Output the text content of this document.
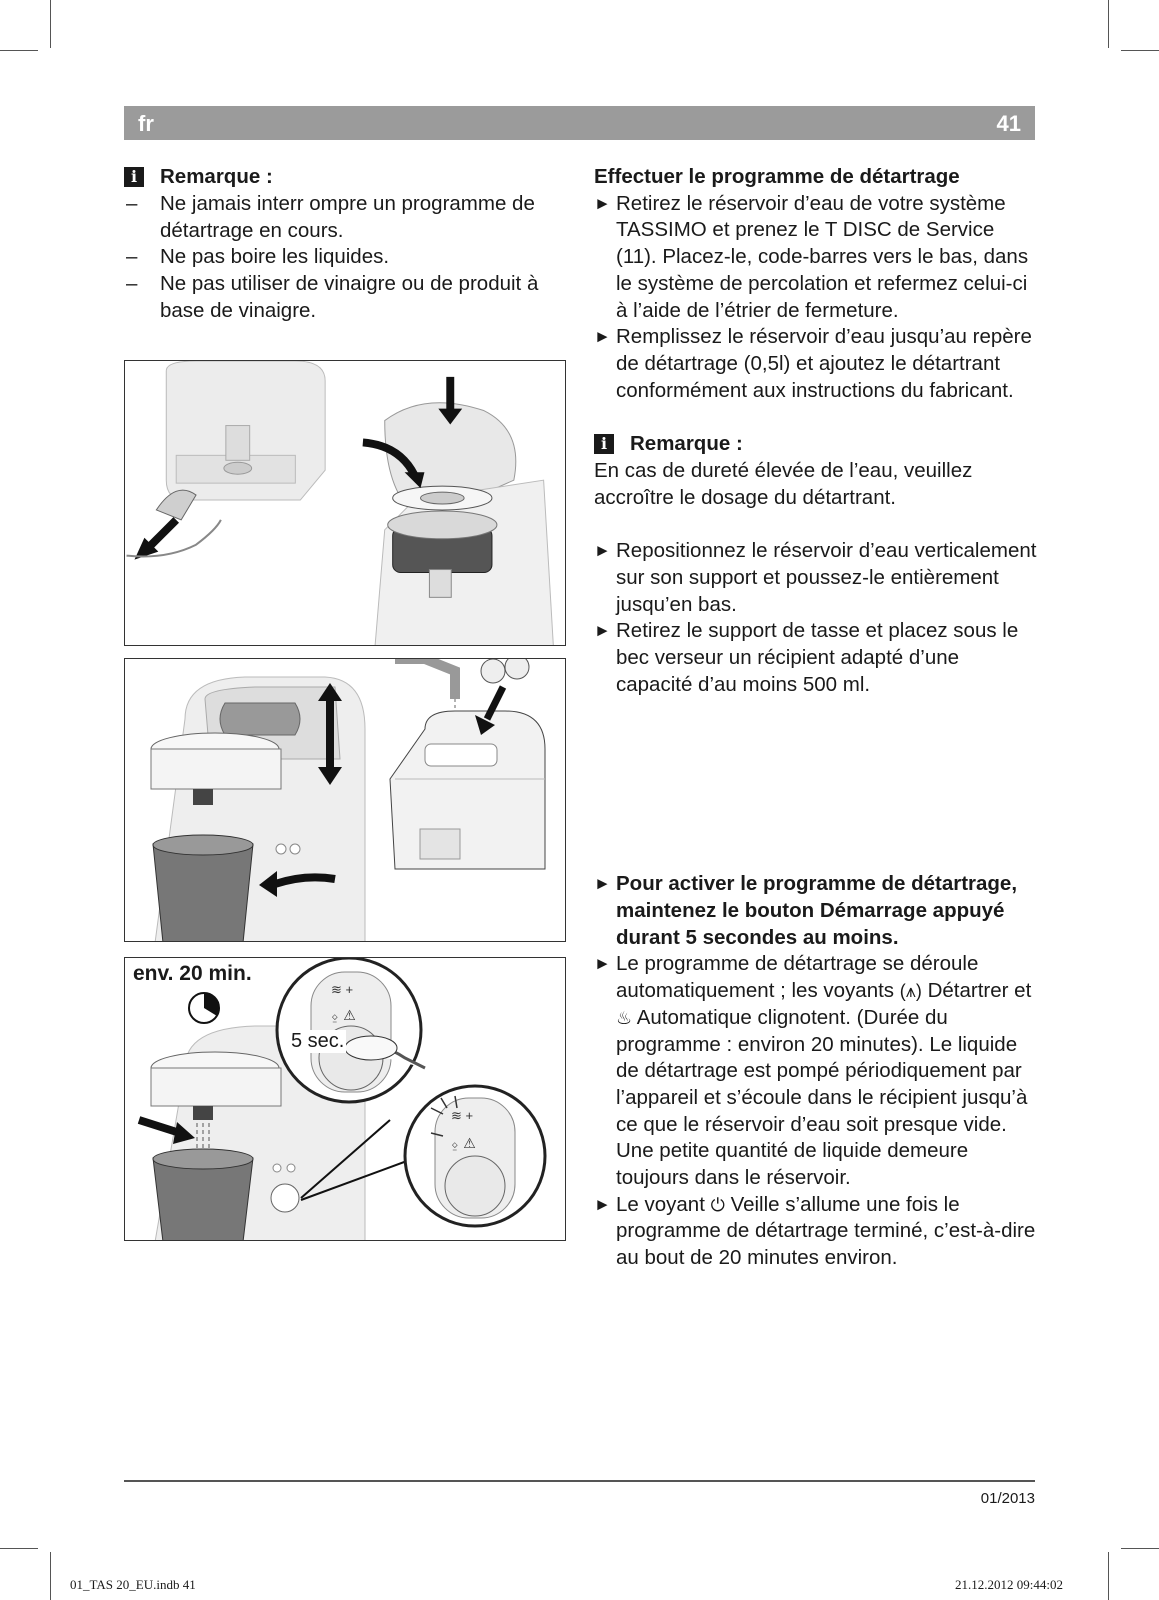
fr	41
i	Remarque :
– Ne jamais interr ompre un programme de détartrage en cours.
– Ne pas boire les liquides.
– Ne pas utiliser de vinaigre ou de produit à base de vinaigre.
≋ +
⍚ ⚠
≋ +
⍚ ⚠
env. 20 min.
5 sec.
Effectuer le programme de détartrage
► Retirez le réservoir d’eau de votre système TASSIMO et prenez le T DISC de Service (11). Placez-le, code-barres vers le bas, dans le système de percolation et refermez celui-ci à l’aide de l’étrier de fermeture.
► Remplissez le réservoir d’eau jusqu’au repère de détartrage (0,5l) et ajoutez le détartrant conformément aux instructions du fabricant.
i	Remarque :
En cas de dureté élevée de l’eau, veuillez accroître le dosage du détartrant.
► Repositionnez le réservoir d’eau verticalement sur son support et poussez-le entièrement jusqu’en bas.
► Retirez le support de tasse et placez sous le bec verseur un récipient adapté d’une capacité d’au moins 500 ml.
► Pour activer le programme de détartrage, maintenez le bouton Démarrage appuyé durant 5 secondes au moins.
► Le programme de détartrage se déroule automatiquement ; les voyants (⩚) Détartrer et ♨ Automatique clignotent. (Durée du programme : environ 20 minutes). Le liquide de détartrage est pompé périodiquement par l’appareil et s’écoule dans le récipient jusqu’à ce que le réservoir d’eau soit presque vide. Une petite quantité de liquide demeure toujours dans le réservoir.
► Le voyant ⏻ Veille s’allume une fois le programme de détartrage terminé, c’est-à-dire au bout de 20 minutes environ.
01/2013
01_TAS 20_EU.indb 41	21.12.2012 09:44:02
